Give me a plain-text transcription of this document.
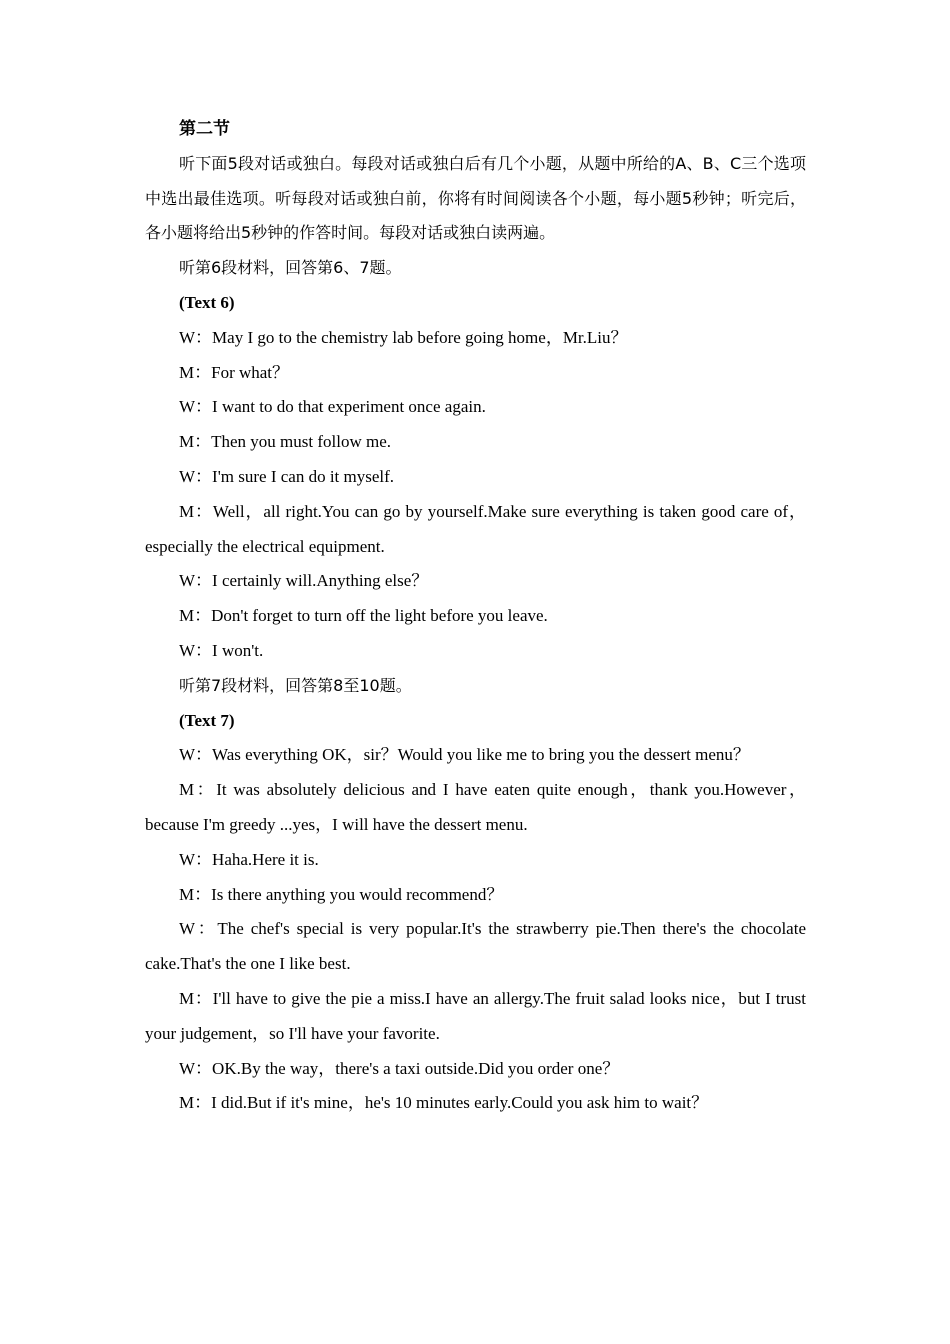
第二节

听下面5段对话或独白。每段对话或独白后有几个小题，从题中所给的A、B、C三个选项中选出最佳选项。听每段对话或独白前，你将有时间阅读各个小题，每小题5秒钟；听完后，各小题将给出5秒钟的作答时间。每段对话或独白读两遍。

听第6段材料，回答第6、7题。

(Text 6)

W：May I go to the chemistry lab before going home，Mr.Liu？

M：For what？

W：I want to do that experiment once again.

M：Then you must follow me.

W：I'm sure I can do it myself.

M：Well，all right.You can go by yourself.Make sure everything is taken good care of，especially the electrical equipment.

W：I certainly will.Anything else？

M：Don't forget to turn off the light before you leave.

W：I won't.

听第7段材料，回答第8至10题。

(Text 7)

W：Was everything OK，sir？Would you like me to bring you the dessert menu？

M：It was absolutely delicious and I have eaten quite enough，thank you.However，because I'm greedy ...yes，I will have the dessert menu.

W：Haha.Here it is.

M：Is there anything you would recommend？

W：The chef's special is very popular.It's the strawberry pie.Then there's the chocolate cake.That's the one I like best.

M：I'll have to give the pie a miss.I have an allergy.The fruit salad looks nice，but I trust your judgement，so I'll have your favorite.

W：OK.By the way，there's a taxi outside.Did you order one？

M：I did.But if it's mine，he's 10 minutes early.Could you ask him to wait？
